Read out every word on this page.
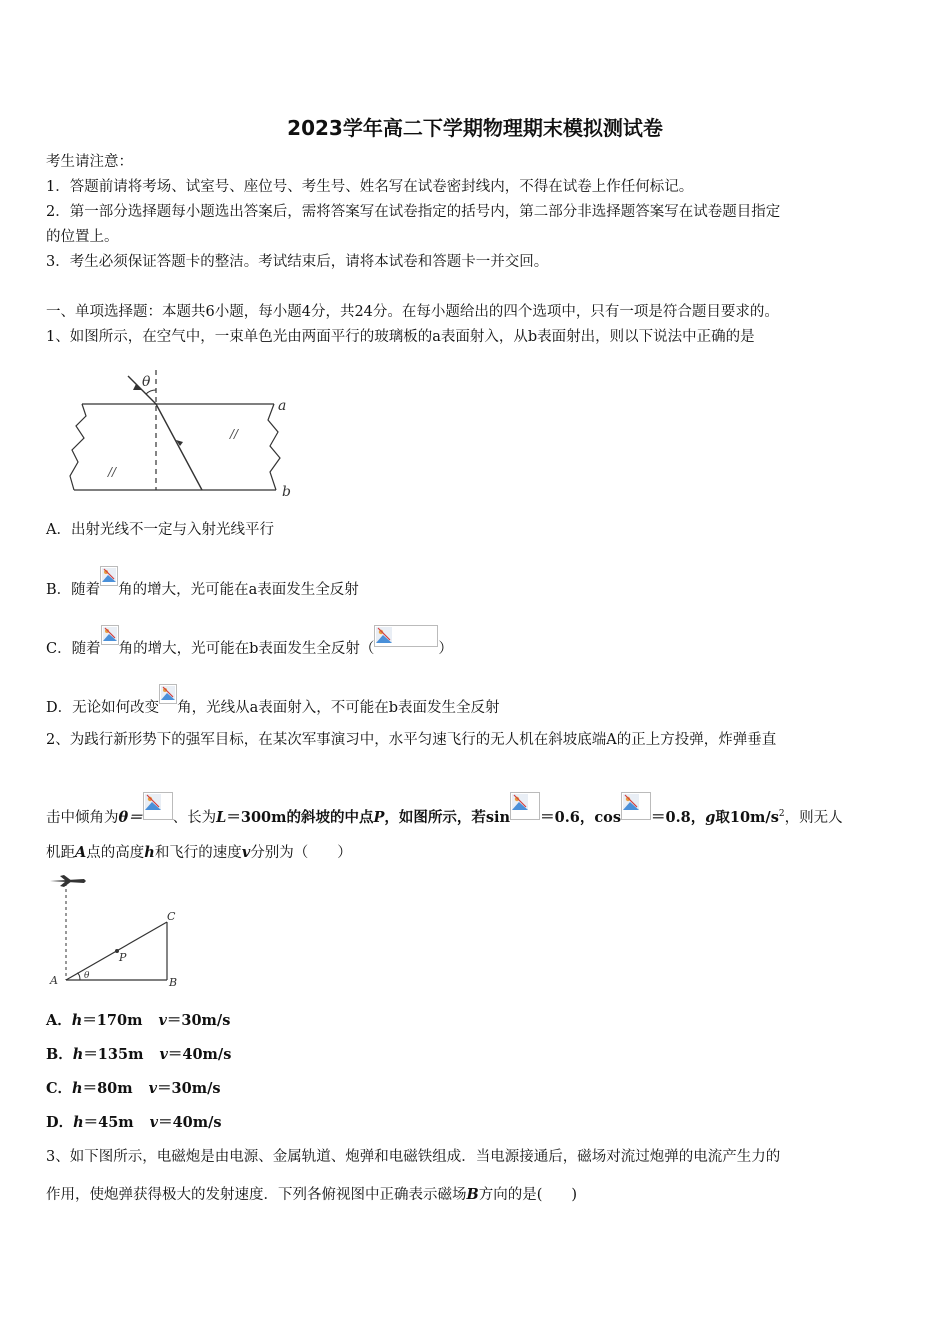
2023学年高二下学期物理期末模拟测试卷
考生请注意：
1．答题前请将考场、试室号、座位号、考生号、姓名写在试卷密封线内，不得在试卷上作任何标记。
2．第一部分选择题每小题选出答案后，需将答案写在试卷指定的括号内，第二部分非选择题答案写在试卷题目指定
的位置上。
3．考生必须保证答题卡的整洁。考试结束后，请将本试卷和答题卡一并交回。
一、单项选择题：本题共6小题，每小题4分，共24分。在每小题给出的四个选项中，只有一项是符合题目要求的。
1、如图所示，在空气中，一束单色光由两面平行的玻璃板的a表面射入，从b表面射出，则以下说法中正确的是
θ
a
b
//
//
A．出射光线不一定与入射光线平行
B．随着 角的增大，光可能在a表面发生全反射
C．随着 角的增大，光可能在b表面发生全反射（	）
D．无论如何改变 角，光线从a表面射入，不可能在b表面发生全反射
2、为践行新形势下的强军目标，在某次军事演习中，水平匀速飞行的无人机在斜坡底端A的正上方投弹，炸弹垂直
击中倾角为θ＝ 、长为L＝300m的斜坡的中点P，如图所示，若sin ＝0.6，cos ＝0.8，g取$10m/s^2$，则无人
机距A点的高度h和飞行的速度v分别为（　　）
A	B
C
P
θ
A．h＝170m v＝30m/s
B．h＝135m v＝40m/s
C．h＝80m v＝30m/s
D．h＝45m v＝40m/s
3、如下图所示，电磁炮是由电源、金属轨道、炮弹和电磁铁组成．当电源接通后，磁场对流过炮弹的电流产生力的
作用，使炮弹获得极大的发射速度．下列各俯视图中正确表示磁场B方向的是(　　)
